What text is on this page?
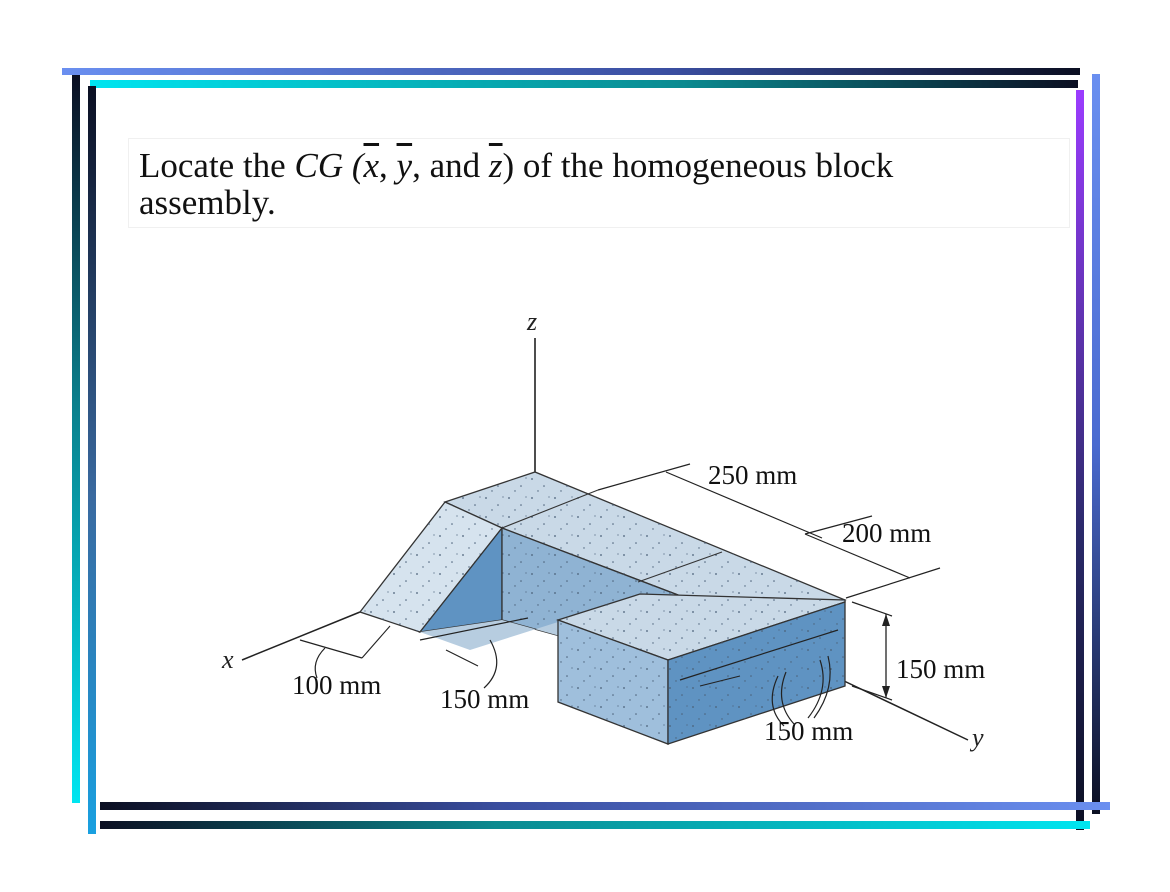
Locate the CG ($\overline{x}$, $\overline{y}$, and $\overline{z}$) of the homogeneous block
assembly.

z
x
y
250 mm
200 mm
150 mm
150 mm
150 mm
100 mm
